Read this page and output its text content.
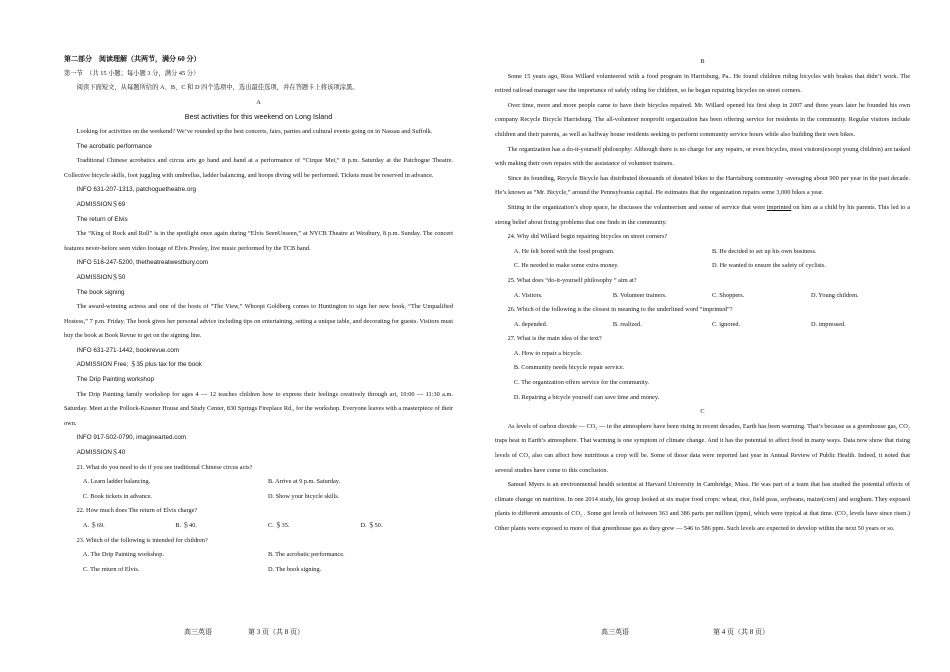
第二部分　阅读理解（共两节，满分 60 分）

第一节　（共 15 小题；每小题 3 分，满分 45 分）

阅读下面短文，从每题所给的 A、B、C 和 D 四个选项中，选出最佳选项，并在答题卡上将该项涂黑。

A

Best activities for this weekend on Long Island

Looking for activities on the weekend? We’ve rounded up the best concerts, fairs, parties and cultural events going on in Nassau and Suffolk.

The acrobatic performance

Traditional Chinese acrobatics and circus arts go hand and hand at a performance of “Cirque Mei,” 8 p.m. Saturday at the Patchogue Theatre. Collective bicycle skills, foot juggling with umbrellas, ladder balancing, and hoops diving will be performed. Tickets must be reserved in advance.

INFO 631-207-1313, patchoguetheatre.org

ADMISSION＄69

The return of Elvis

The “King of Rock and Roll” is in the spotlight once again during “Elvis SeenUnseen,” at NYCB Theatre at Westbury, 8 p.m. Sunday. The concert features never-before seen video footage of Elvis Presley, live music performed by the TCB band.

INFO 516-247-5200, thetheatreatwestbury.com

ADMISSION＄50

The book signing

The award-winning actress and one of the hosts of “The View,” Whoopi Goldberg comes to Huntington to sign her new book, “The Unqualified Hostess,” 7 p.m. Friday. The book gives her personal advice including tips on entertaining, setting a unique table, and decorating for guests. Visitors must buy the book at Book Revue to get on the signing line.

INFO 631-271-1442, bookrevue.com

ADMISSION Free; ＄35 plus tax for the book

The Drip Painting workshop

The Drip Painting family workshop for ages 4 — 12 teaches children how to express their feelings creatively through art, 10:00 — 11:30 a.m. Saturday. Meet at the Pollock-Krasner House and Study Center, 830 Springs Fireplace Rd., for the workshop. Everyone leaves with a masterpiece of their own.

INFO 917-502-0790, imaginearted.com

ADMISSION＄40

21. What do you need to do if you see traditional Chinese circus acts?

A. Learn ladder balancing.	B. Arrive at 9 p.m. Saturday.
C. Book tickets in advance.	D. Show your bicycle skills.

22. How much does The return of Elvis charge?

A. ＄69.	B. ＄40.	C. ＄35.	D. ＄50.

23. Which of the following is intended for children?

A. The Drip Painting workshop.	B. The acrobatic performance.
C. The return of Elvis.	D. The book signing.
高三英语	第 3 页（共 8 页）

B

Some 15 years ago, Ross Willard volunteered with a food program in Harrisburg, Pa.. He found children riding bicycles with brakes that didn’t work. The retired railroad manager saw the importance of safely riding for children, so he began repairing bicycles on street corners.

Over time, more and more people came to have their bicycles repaired. Mr. Willard opened his first shop in 2007 and three years later he founded his own company Recycle Bicycle Harrisburg. The all-volunteer nonprofit organization has been offering service for residents in the community. Regular visitors include children and their parents, as well as halfway house residents seeking to perform community service hours while also building their own bikes.

The organization has a do-it-yourself philosophy: Although there is no charge for any repairs, or even bicycles, most visitors(except young children) are tasked with making their own repairs with the assistance of volunteer trainers.

Since its founding, Recycle Bicycle has distributed thousands of donated bikes to the Harrisburg community -averaging about 900 per year in the past decade. He’s known as “Mr. Bicycle,” around the Pennsylvania capital. He estimates that the organization repairs some 3,000 bikes a year.

Sitting in the organization’s shop space, he discusses the volunteerism and sense of service that were imprinted on him as a child by his parents. This led to a strong belief about fixing problems that one finds in the community.

24. Why did Willard begin repairing bicycles on street corners?

A. He felt bored with the food program.	B. He decided to set up his own business.
C. He needed to make some extra money.	D. He wanted to ensure the safety of cyclists.

25. What does “do-it-yourself philosophy ” aim at?

A. Visitors.	B. Volunteer trainers.	C. Shoppers.	D. Young children.

26. Which of the following is the closest in meaning to the underlined word “imprinted”?

A. depended.	B. realized.	C. ignored.	D. impressed.

27. What is the main idea of the text?

A. How to repair a bicycle.

B. Community needs bicycle repair service.

C. The organization offers service for the community.

D. Repairing a bicycle yourself can save time and money.

C

As levels of carbon dioxide — CO₂ — in the atmosphere have been rising in recent decades, Earth has been warming. That’s because as a greenhouse gas, CO₂ traps heat in Earth’s atmosphere. That warming is one symptom of climate change. And it has the potential to affect food in many ways. Data now show that rising levels of CO₂ also can affect how nutritious a crop will be. Some of those data were reported last year in Annual Review of Public Health. Indeed, it noted that several studies have come to this conclusion.

Samuel Myers is an environmental health scientist at Harvard University in Cambridge, Mass. He was part of a team that has studied the potential effects of climate change on nutrition. In one 2014 study, his group looked at six major food crops: wheat, rice, field peas, soybeans, maize(corn) and sorghum. They exposed plants to different amounts of CO₂ . Some got levels of between 363 and 386 parts per million (ppm), which were typical at that time. (CO₂ levels have since risen.) Other plants were exposed to more of that greenhouse gas as they grew — 546 to 586 ppm. Such levels are expected to develop within the next 50 years or so.

高三英语	第 4 页（共 8 页）
